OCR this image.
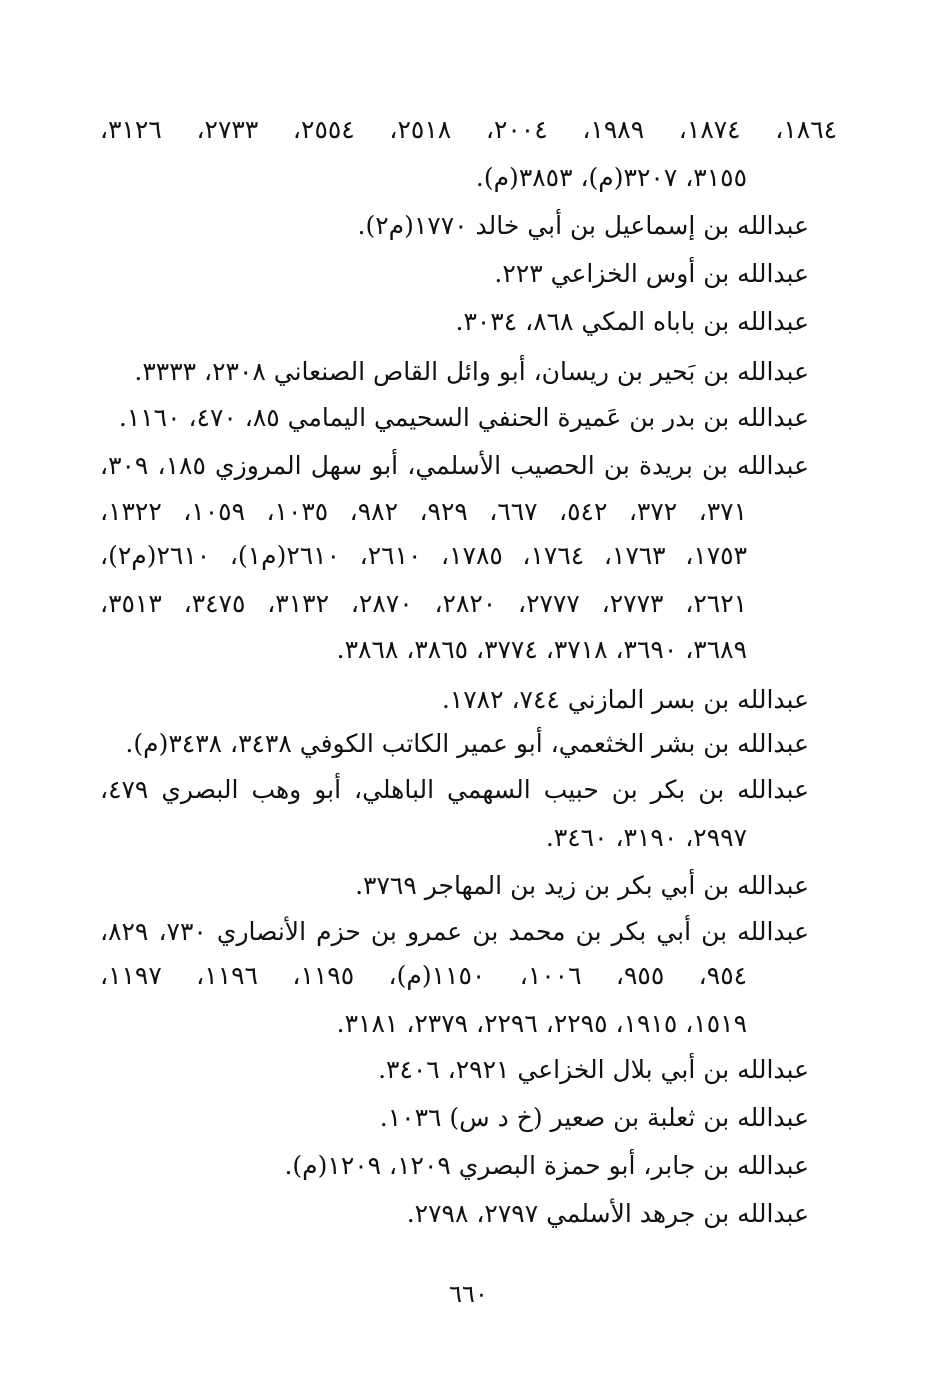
١٨٦٤، ١٨٧٤، ١٩٨٩، ٢٠٠٤، ٢٥١٨، ٢٥٥٤، ٢٧٣٣، ٣١٢٦،
٣١٥٥، ٣٢٠٧(م)، ٣٨٥٣(م).
عبدالله بن إسماعيل بن أبي خالد ١٧٧٠(م٢).
عبدالله بن أوس الخزاعي ٢٢٣.
عبدالله بن باباه المكي ٨٦٨، ٣٠٣٤.
عبدالله بن بَحير بن ريسان، أبو وائل القاص الصنعاني ٢٣٠٨، ٣٣٣٣.
عبدالله بن بدر بن عَميرة الحنفي السحيمي اليمامي ٨٥، ٤٧٠، ١١٦٠.
عبدالله بن بريدة بن الحصيب الأسلمي، أبو سهل المروزي ١٨٥، ٣٠٩،
٣٧١، ٣٧٢، ٥٤٢، ٦٦٧، ٩٢٩، ٩٨٢، ١٠٣٥، ١٠٥٩، ١٣٢٢،
١٧٥٣، ١٧٦٣، ١٧٦٤، ١٧٨٥، ٢٦١٠، ٢٦١٠(م١)، ٢٦١٠(م٢)،
٢٦٢١، ٢٧٧٣، ٢٧٧٧، ٢٨٢٠، ٢٨٧٠، ٣١٣٢، ٣٤٧٥، ٣٥١٣،
٣٦٨٩، ٣٦٩٠، ٣٧١٨، ٣٧٧٤، ٣٨٦٥، ٣٨٦٨.
عبدالله بن بسر المازني ٧٤٤، ١٧٨٢.
عبدالله بن بشر الخثعمي، أبو عمير الكاتب الكوفي ٣٤٣٨، ٣٤٣٨(م).
عبدالله بن بكر بن حبيب السهمي الباهلي، أبو وهب البصري ٤٧٩،
٢٩٩٧، ٣١٩٠، ٣٤٦٠.
عبدالله بن أبي بكر بن زيد بن المهاجر ٣٧٦٩.
عبدالله بن أبي بكر بن محمد بن عمرو بن حزم الأنصاري ٧٣٠، ٨٢٩،
٩٥٤، ٩٥٥، ١٠٠٦، ١١٥٠(م)، ١١٩٥، ١١٩٦، ١١٩٧،
١٥١٩، ١٩١٥، ٢٢٩٥، ٢٢٩٦، ٢٣٧٩، ٣١٨١.
عبدالله بن أبي بلال الخزاعي ٢٩٢١، ٣٤٠٦.
عبدالله بن ثعلبة بن صعير (خ د س) ١٠٣٦.
عبدالله بن جابر، أبو حمزة البصري ١٢٠٩، ١٢٠٩(م).
عبدالله بن جرهد الأسلمي ٢٧٩٧، ٢٧٩٨.
٦٦٠
